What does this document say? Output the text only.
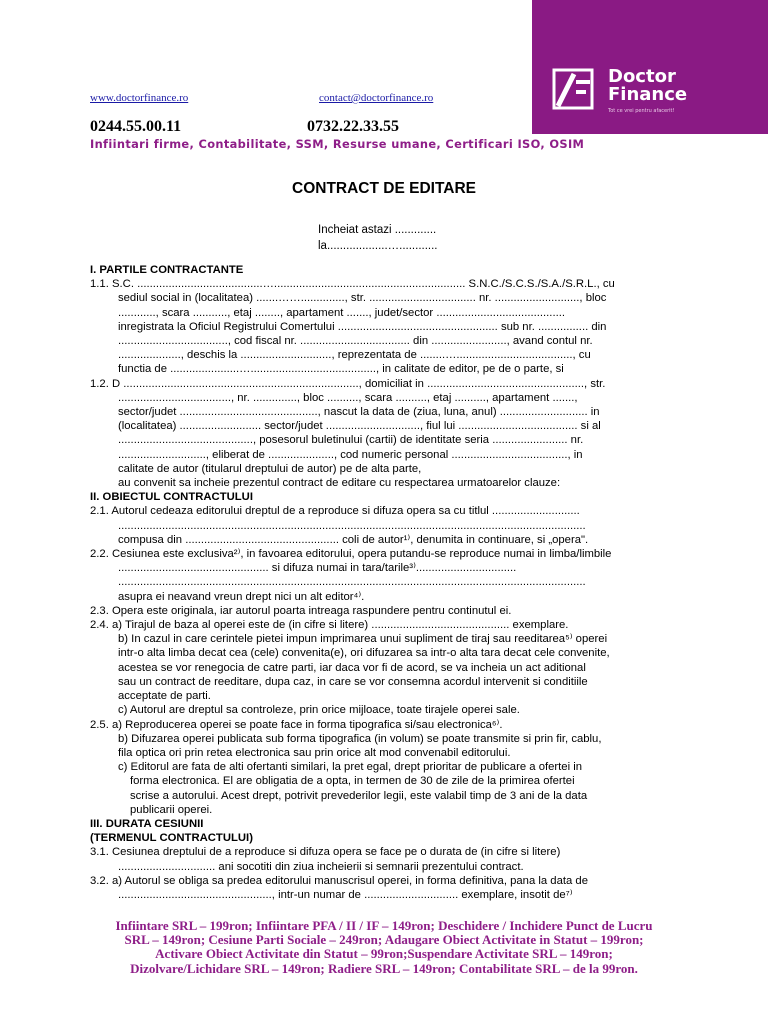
www.doctorfinance.ro	contact@doctorfinance.ro
0244.55.00.11	0732.22.33.55
Infiintari firme, Contabilitate, SSM, Resurse umane, Certificari ISO, OSIM
Doctor
Finance
Tot ce vrei pentru afacerit!
CONTRACT DE EDITARE
Incheiat astazi .............
la...................…............

I. PARTILE CONTRACTANTE

1.1. S.C. ........................................…............................................................. S.N.C./S.C.S./S.A./S.R.L., cu

sediul social in (localitatea) .......…….............., str. .................................. nr. ..........................., bloc

............, scara ..........., etaj ........, apartament ......., judet/sector .........................................

inregistrata la Oficiul Registrului Comertului ................................................... sub nr. ................ din

..................................., cod fiscal nr. ................................... din ........................, avand contul nr.

...................., deschis la ............................., reprezentata de ........…....................................., cu

functia de ......................…........................................, in calitate de editor, pe de o parte, si

1.2. D ..........................................................................., domiciliat in .................................................., str.

...................................., nr. .............., bloc .........., scara .........., etaj .........., apartament .......,

sector/judet ............................................, nascut la data de (ziua, luna, anul) ............................ in

(localitatea) .......................... sector/judet .............................., fiul lui ...................................... si al

..........................................., posesorul buletinului (cartii) de identitate seria ........................ nr.

............................, eliberat de ....................., cod numeric personal ....................................., in

calitate de autor (titularul dreptului de autor) pe de alta parte,

au convenit sa incheie prezentul contract de editare cu respectarea urmatoarelor clauze:

II. OBIECTUL CONTRACTULUI

2.1. Autorul cedeaza editorului dreptul de a reproduce si difuza opera sa cu titlul ............................

.....................................................................................................................................................

compusa din ................................................. coli de autor¹⁾, denumita in continuare, si „opera".

2.2. Cesiunea este exclusiva²⁾, in favoarea editorului, opera putandu-se reproduce numai in limba/limbile

................................................ si difuza numai in tara/tarile³⁾................................

.....................................................................................................................................................

asupra ei neavand vreun drept nici un alt editor⁴⁾.

2.3. Opera este originala, iar autorul poarta intreaga raspundere pentru continutul ei.

2.4. a) Tirajul de baza al operei este de (in cifre si litere) ............................................ exemplare.

b) In cazul in care cerintele pietei impun imprimarea unui supliment de tiraj sau reeditarea⁵⁾ operei

intr-o alta limba decat cea (cele) convenita(e), ori difuzarea sa intr-o alta tara decat cele convenite,

acestea se vor renegocia de catre parti, iar daca vor fi de acord, se va incheia un act aditional

sau un contract de reeditare, dupa caz, in care se vor consemna acordul intervenit si conditiile

acceptate de parti.

c) Autorul are dreptul sa controleze, prin orice mijloace, toate tirajele operei sale.

2.5. a) Reproducerea operei se poate face in forma tipografica si/sau electronica⁶⁾.

b) Difuzarea operei publicata sub forma tipografica (in volum) se poate transmite si prin fir, cablu,

fila optica ori prin retea electronica sau prin orice alt mod convenabil editorului.

c) Editorul are fata de alti ofertanti similari, la pret egal, drept prioritar de publicare a ofertei in

forma electronica. El are obligatia de a opta, in termen de 30 de zile de la primirea ofertei

scrise a autorului. Acest drept, potrivit prevederilor legii, este valabil timp de 3 ani de la data

publicarii operei.

III. DURATA CESIUNII

(TERMENUL CONTRACTULUI)

3.1. Cesiunea dreptului de a reproduce si difuza opera se face pe o durata de (in cifre si litere)

............................... ani socotiti din ziua incheierii si semnarii prezentului contract.

3.2. a) Autorul se obliga sa predea editorului manuscrisul operei, in forma definitiva, pana la data de

................................................., intr-un numar de .............................. exemplare, insotit de⁷⁾

Infiintare SRL – 199ron; Infiintare PFA / II / IF – 149ron; Deschidere / Inchidere Punct de Lucru
SRL – 149ron; Cesiune Parti Sociale – 249ron; Adaugare Obiect Activitate in Statut – 199ron;
Activare Obiect Activitate din Statut – 99ron;Suspendare Activitate SRL – 149ron;
Dizolvare/Lichidare SRL – 149ron; Radiere SRL – 149ron; Contabilitate SRL – de la 99ron.
